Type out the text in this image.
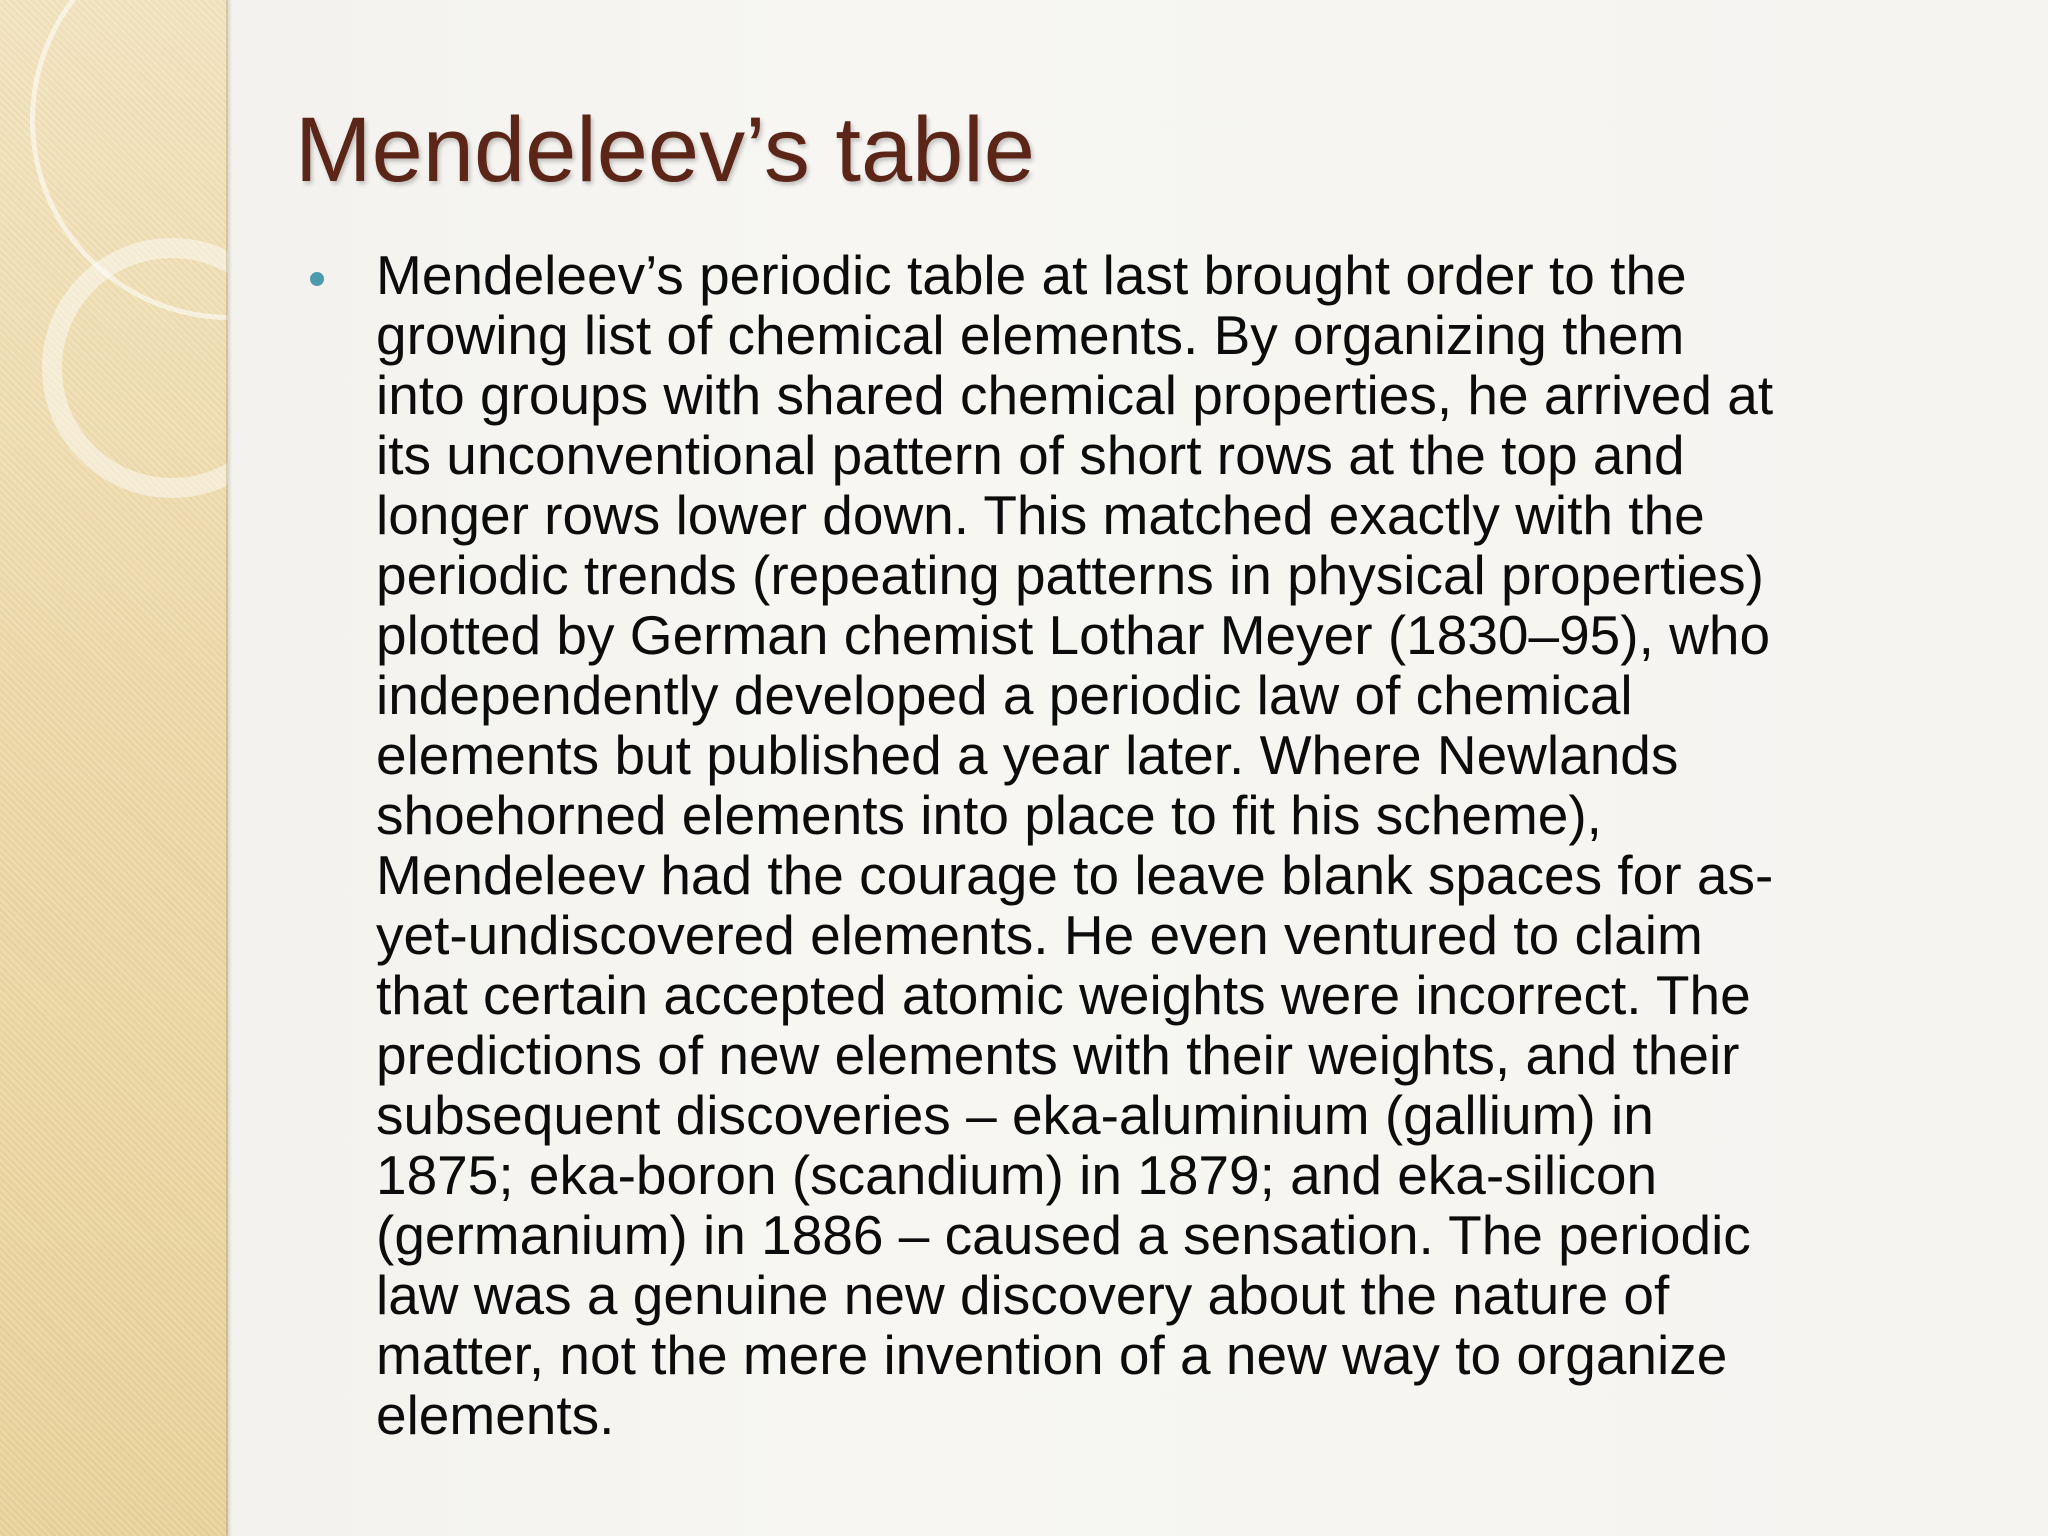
Mendeleev’s table
Mendeleev’s periodic table at last brought order to the
growing list of chemical elements. By organizing them
into groups with shared chemical properties, he arrived at
its unconventional pattern of short rows at the top and
longer rows lower down. This matched exactly with the
periodic trends (repeating patterns in physical properties)
plotted by German chemist Lothar Meyer (1830–95), who
independently developed a periodic law of chemical
elements but published a year later. Where Newlands
shoehorned elements into place to fit his scheme),
Mendeleev had the courage to leave blank spaces for as-
yet-undiscovered elements. He even ventured to claim
that certain accepted atomic weights were incorrect. The
predictions of new elements with their weights, and their
subsequent discoveries – eka-aluminium (gallium) in
1875; eka-boron (scandium) in 1879; and eka-silicon
(germanium) in 1886 – caused a sensation. The periodic
law was a genuine new discovery about the nature of
matter, not the mere invention of a new way to organize
elements.
